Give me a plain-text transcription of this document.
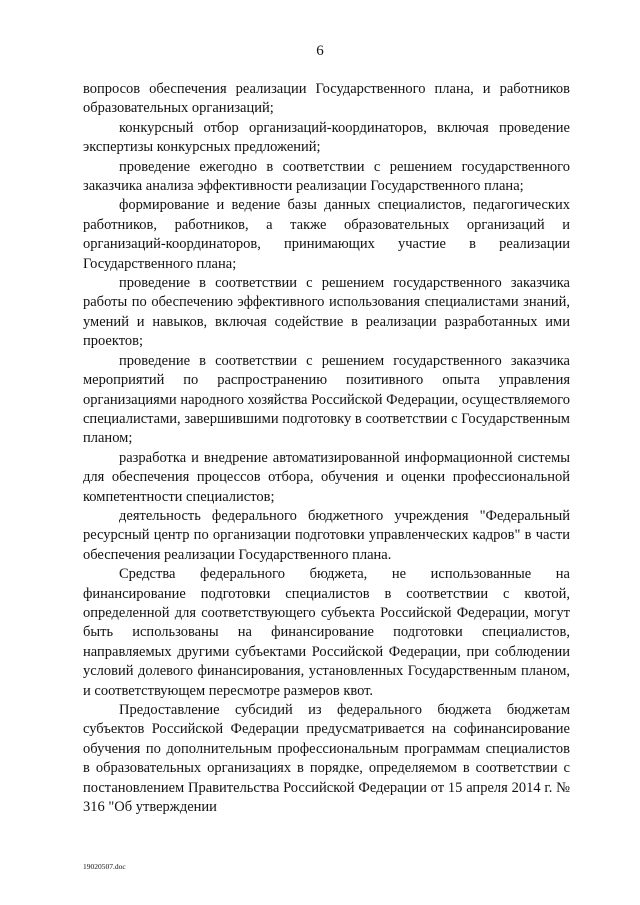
6

вопросов обеспечения реализации Государственного плана, и работников образовательных организаций;

конкурсный отбор организаций-координаторов, включая проведение экспертизы конкурсных предложений;

проведение ежегодно в соответствии с решением государственного заказчика анализа эффективности реализации Государственного плана;

формирование и ведение базы данных специалистов, педагогических работников, работников, а также образовательных организаций и организаций-координаторов, принимающих участие в реализации Государственного плана;

проведение в соответствии с решением государственного заказчика работы по обеспечению эффективного использования специалистами знаний, умений и навыков, включая содействие в реализации разработанных ими проектов;

проведение в соответствии с решением государственного заказчика мероприятий по распространению позитивного опыта управления организациями народного хозяйства Российской Федерации, осуществляемого специалистами, завершившими подготовку в соответствии с Государственным планом;

разработка и внедрение автоматизированной информационной системы для обеспечения процессов отбора, обучения и оценки профессиональной компетентности специалистов;

деятельность федерального бюджетного учреждения "Федеральный ресурсный центр по организации подготовки управленческих кадров" в части обеспечения реализации Государственного плана.

Средства федерального бюджета, не использованные на финансирование подготовки специалистов в соответствии с квотой, определенной для соответствующего субъекта Российской Федерации, могут быть использованы на финансирование подготовки специалистов, направляемых другими субъектами Российской Федерации, при соблюдении условий долевого финансирования, установленных Государственным планом, и соответствующем пересмотре размеров квот.

Предоставление субсидий из федерального бюджета бюджетам субъектов Российской Федерации предусматривается на софинансирование обучения по дополнительным профессиональным программам специалистов в образовательных организациях в порядке, определяемом в соответствии с постановлением Правительства Российской Федерации от 15 апреля 2014 г. № 316 "Об утверждении

19020507.doc
